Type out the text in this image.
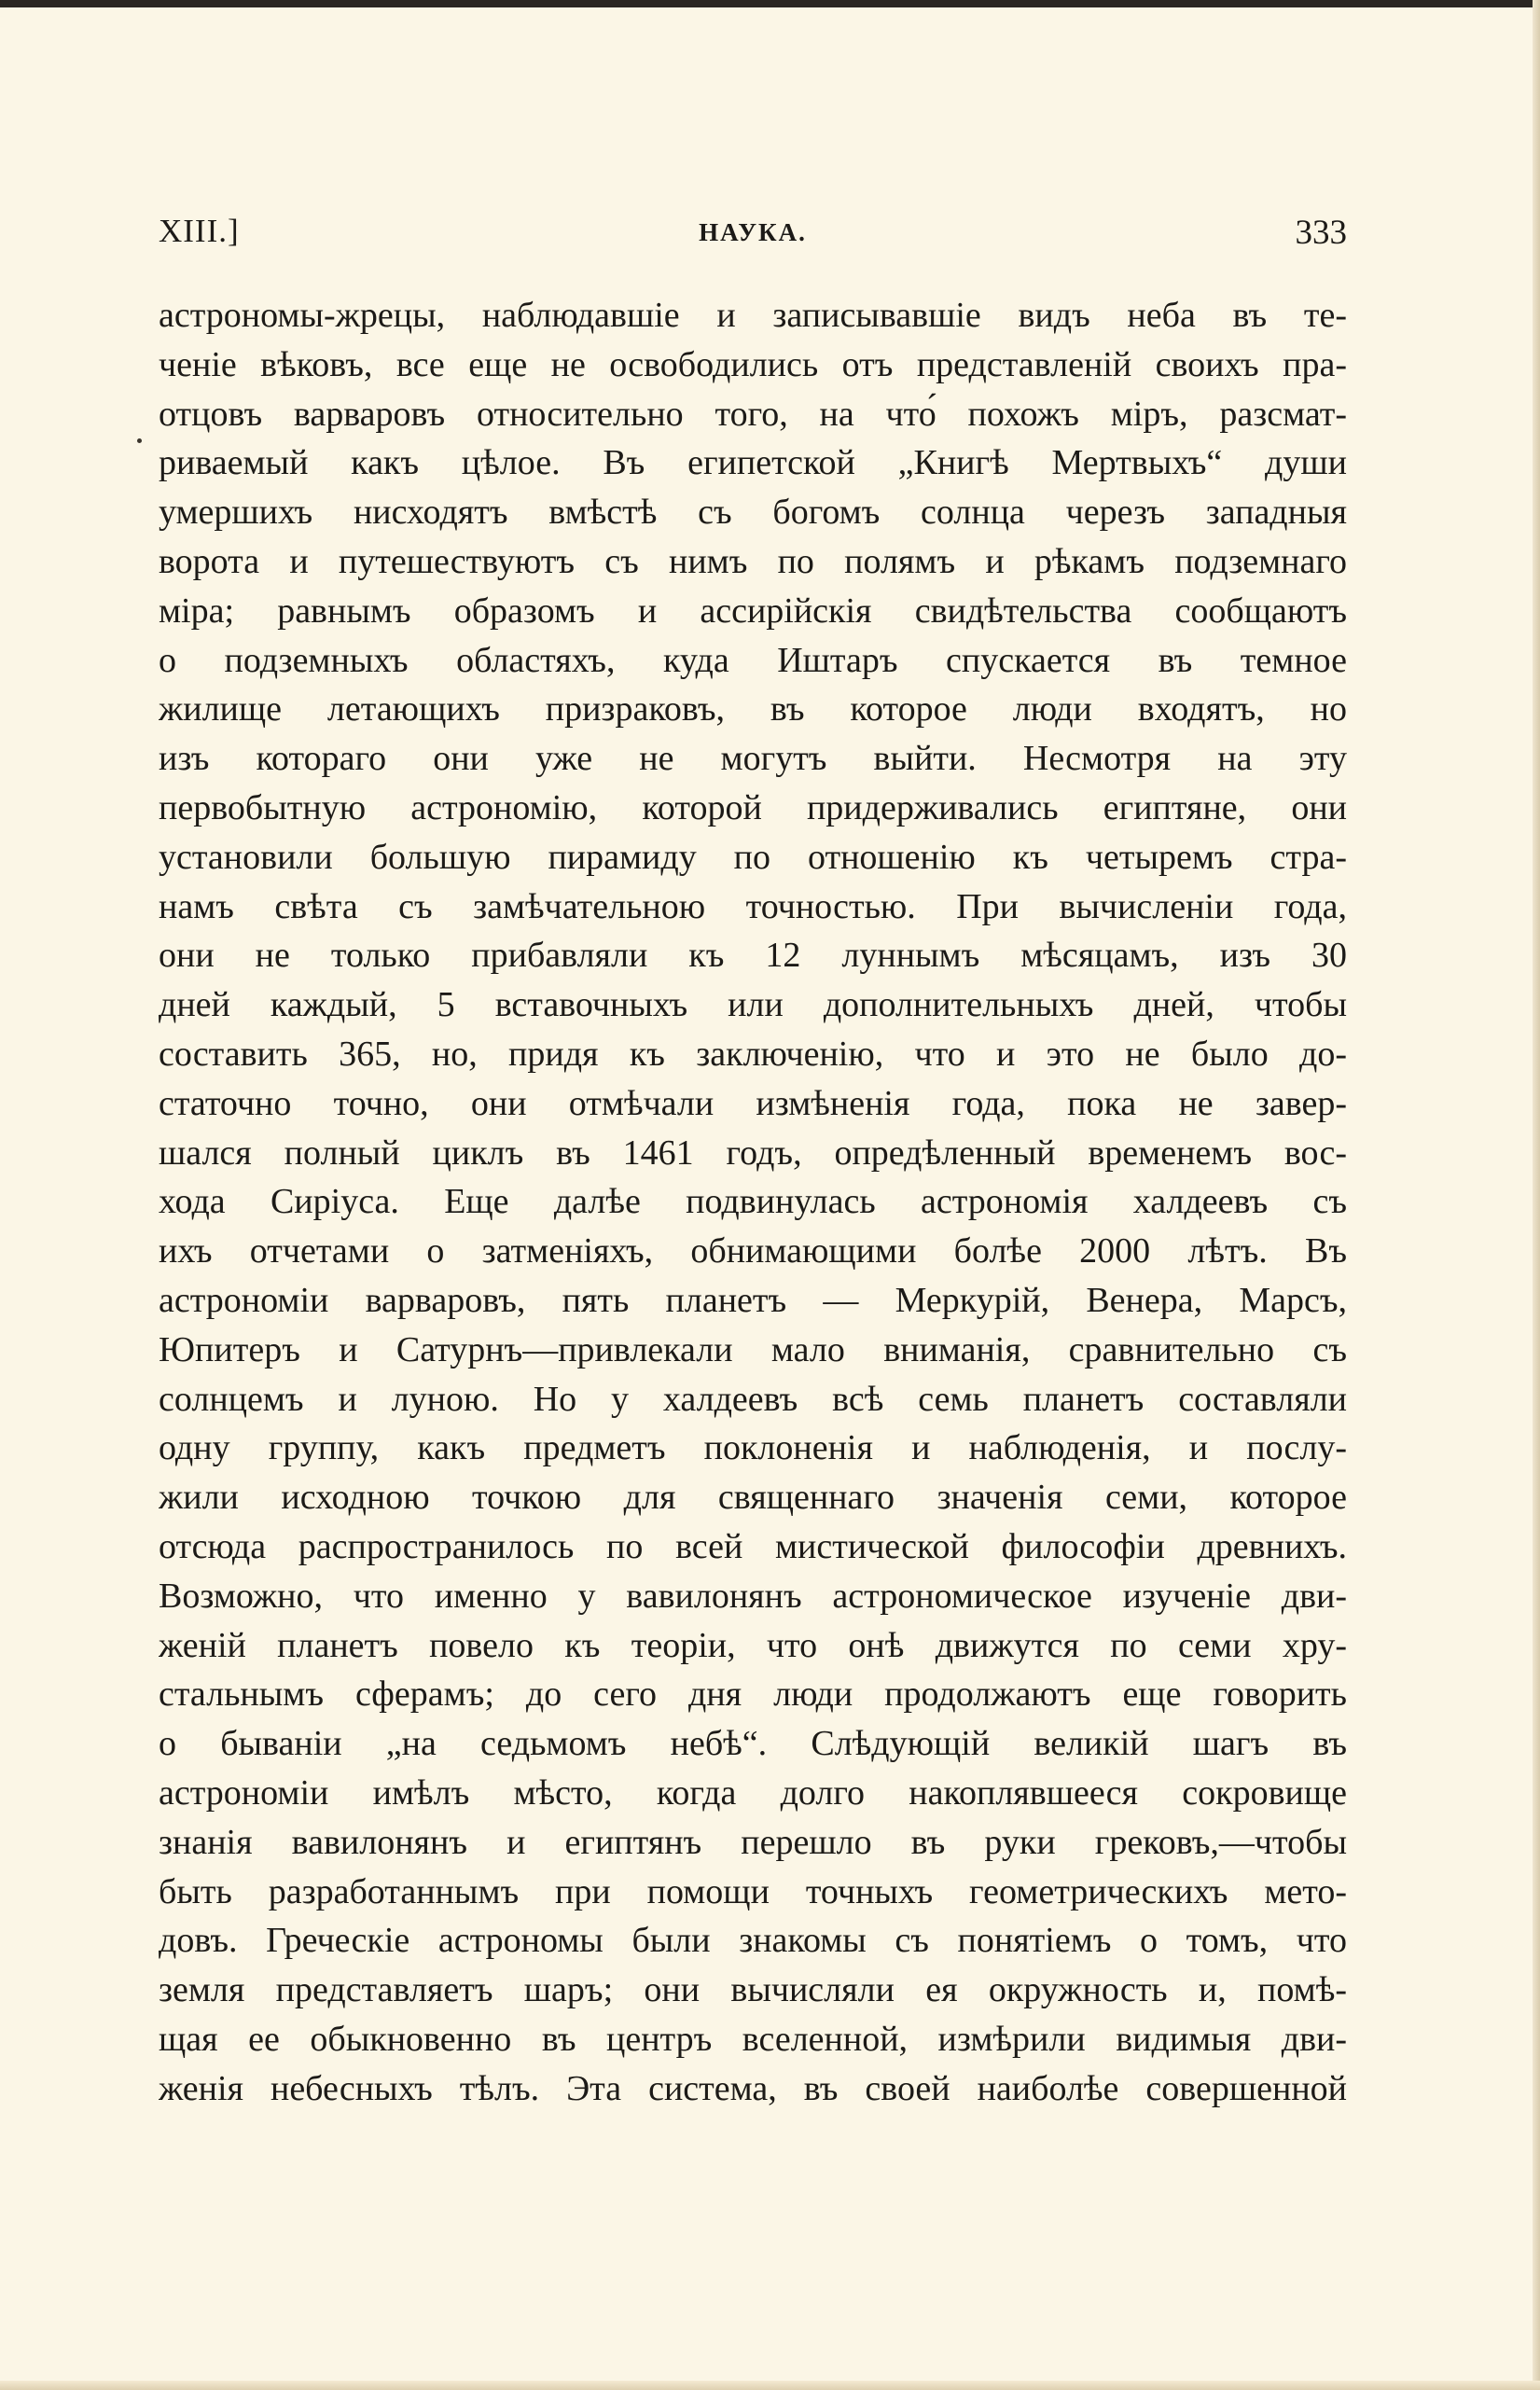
XIII.]	НАУКА.	333
астрономы-жрецы, наблюдавшіе и записывавшіе видъ неба въ те-
ченіе вѣковъ, все еще не освободились отъ представленій своихъ пра-
отцовъ варваровъ относительно того, на что́ похожъ міръ, разсмат-
риваемый какъ цѣлое. Въ египетской „Книгѣ Мертвыхъ“ души
умершихъ нисходятъ вмѣстѣ съ богомъ солнца черезъ западныя
ворота и путешествуютъ съ нимъ по полямъ и рѣкамъ подземнаго
міра; равнымъ образомъ и ассирійскія свидѣтельства сообщаютъ
о подземныхъ областяхъ, куда Иштаръ спускается въ темное
жилище летающихъ призраковъ, въ которое люди входятъ, но
изъ котораго они уже не могутъ выйти. Несмотря на эту
первобытную астрономію, которой придерживались египтяне, они
установили большую пирамиду по отношенію къ четыремъ стра-
намъ свѣта съ замѣчательною точностью. При вычисленіи года,
они не только прибавляли къ 12 луннымъ мѣсяцамъ, изъ 30
дней каждый, 5 вставочныхъ или дополнительныхъ дней, чтобы
составить 365, но, придя къ заключенію, что и это не было до-
статочно точно, они отмѣчали измѣненія года, пока не завер-
шался полный циклъ въ 1461 годъ, опредѣленный временемъ вос-
хода Сиріуса. Еще далѣе подвинулась астрономія халдеевъ съ
ихъ отчетами о затменіяхъ, обнимающими болѣе 2000 лѣтъ. Въ
астрономіи варваровъ, пять планетъ — Меркурій, Венера, Марсъ,
Юпитеръ и Сатурнъ—привлекали мало вниманія, сравнительно съ
солнцемъ и луною. Но у халдеевъ всѣ семь планетъ составляли
одну группу, какъ предметъ поклоненія и наблюденія, и послу-
жили исходною точкою для священнаго значенія семи, которое
отсюда распространилось по всей мистической философіи древнихъ.
Возможно, что именно у вавилонянъ астрономическое изученіе дви-
женій планетъ повело къ теоріи, что онѣ движутся по семи хру-
стальнымъ сферамъ; до сего дня люди продолжаютъ еще говорить
о бываніи „на седьмомъ небѣ“. Слѣдующій великій шагъ въ
астрономіи имѣлъ мѣсто, когда долго накоплявшееся сокровище
знанія вавилонянъ и египтянъ перешло въ руки грековъ,—чтобы
быть разработаннымъ при помощи точныхъ геометрическихъ мето-
довъ. Греческіе астрономы были знакомы съ понятіемъ о томъ, что
земля представляетъ шаръ; они вычисляли ея окружность и, помѣ-
щая ее обыкновенно въ центръ вселенной, измѣрили видимыя дви-
женія небесныхъ тѣлъ. Эта система, въ своей наиболѣе совершенной
